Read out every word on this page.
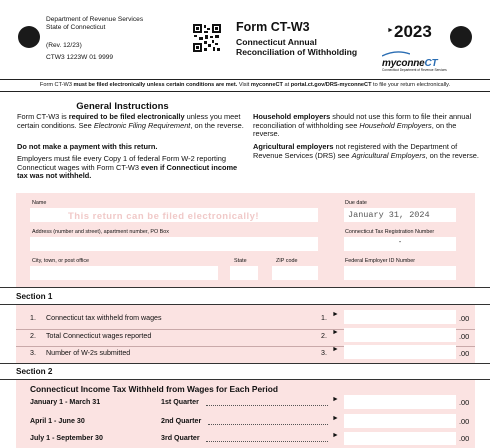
Department of Revenue Services
State of Connecticut
(Rev. 12/23)
CTW3 1223W 01 9999
Form CT-W3
Connecticut Annual
Reconciliation of Withholding
► 2023
myconneCT
Connecticut Department of Revenue Services
Form CT-W3 must be filed electronically unless certain conditions are met. Visit myconneCT at portal.ct.gov/DRS-myconneCT to file your return electronically.
General Instructions
Form CT-W3 is required to be filed electronically unless you meet certain conditions. See Electronic Filing Requirement, on the reverse.
Do not make a payment with this return.
Employers must file every Copy 1 of federal Form W-2 reporting Connecticut wages with Form CT-W3 even if Connecticut income tax was not withheld.
Household employers should not use this form to file their annual reconciliation of withholding see Household Employers, on the reverse.
Agricultural employers not registered with the Department of Revenue Services (DRS) see Agricultural Employers, on the reverse.
Name
This return can be filed electronically!
Due date
January 31, 2024
Address (number and street), apartment number, PO Box	Connecticut Tax Registration Number
-
City, town, or post office	State	ZIP code	Federal Employer ID Number
Section 1
1. Connecticut tax withheld from wages	1. ►	.00
2. Total Connecticut wages reported	2. ►	.00
3. Number of W-2s submitted	3. ►	.00
Section 2
Connecticut Income Tax Withheld from Wages for Each Period
January 1 - March 31	1st Quarter	►	.00
April 1 - June 30	2nd Quarter	►	.00
July 1 - September 30	3rd Quarter	►	.00
